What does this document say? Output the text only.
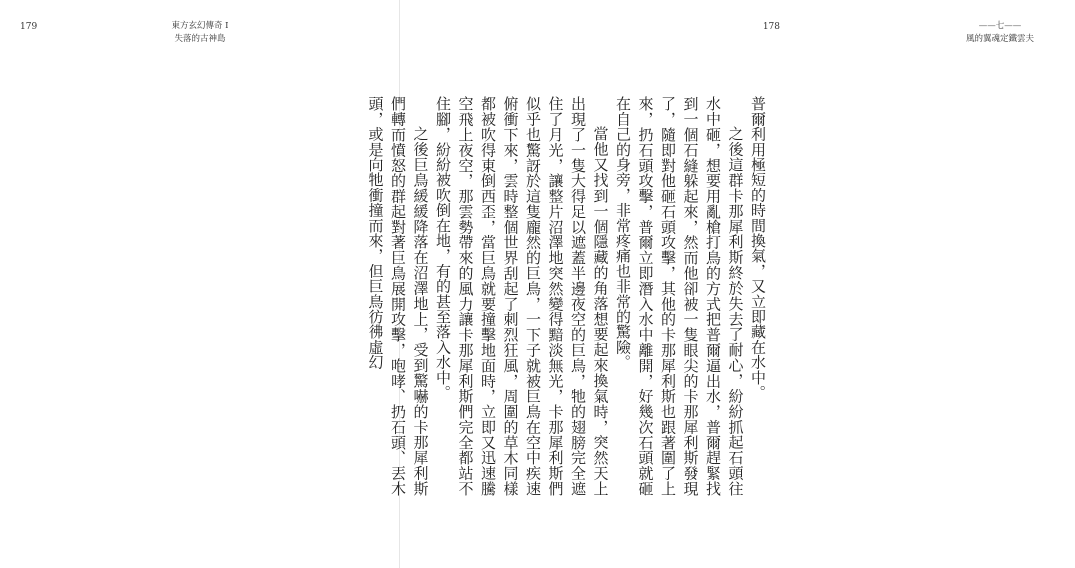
179	東方玄幻傳奇 I
失落的古神島

178	——七——
風的翼魂定鐵雲夫

普爾利用極短的時間換氣，又立即藏在水中。

之後這群卡那犀利斯終於失去了耐心，紛紛抓起石頭往水中砸，想要用亂槍打鳥的方式把普爾逼出水，普爾趕緊找到一個石縫躲起來，然而他卻被一隻眼尖的卡那犀利斯發現了，隨即對他砸石頭攻擊，其他的卡那犀利斯也跟著圍了上來，扔石頭攻擊，普爾立即潛入水中離開，好幾次石頭就砸在自己的身旁，非常疼痛也非常的驚險。

當他又找到一個隱藏的角落想要起來換氣時，突然天上出現了一隻大得足以遮蓋半邊夜空的巨鳥，牠的翅膀完全遮住了月光，讓整片沼澤地突然變得黯淡無光，卡那犀利斯們似乎也驚訝於這隻龐然的巨鳥，一下子就被巨鳥在空中疾速俯衝下來，雲時整個世界刮起了刺烈狂風，周圍的草木同樣都被吹得東倒西歪，當巨鳥就要撞擊地面時，立即又迅速騰空飛上夜空，那雲勢帶來的風力讓卡那犀利斯們完全都站不住腳，紛紛被吹倒在地，有的甚至落入水中。

之後巨鳥緩緩降落在沼澤地上，受到驚嚇的卡那犀利斯們轉而憤怒的群起對著巨鳥展開攻擊，咆哮、扔石頭、丟木頭，或是向牠衝撞而來，但巨鳥彷彿虛幻
